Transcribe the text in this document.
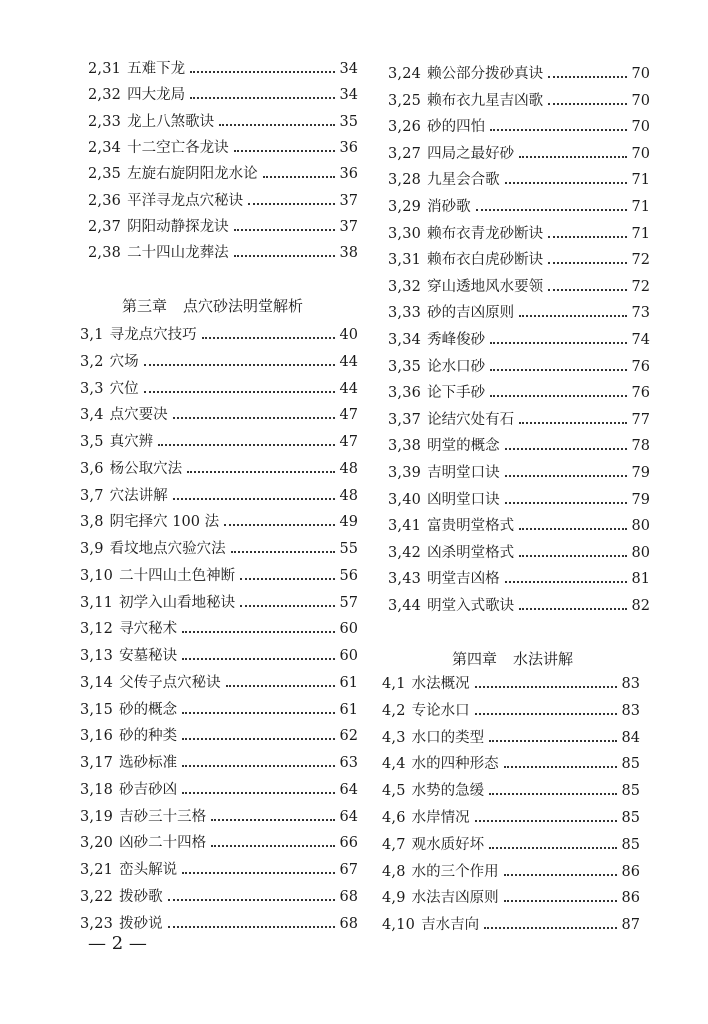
第三章 点穴砂法明堂解析
第四章 水法讲解
— 2 —
2,31 五难下龙	34
2,32 四大龙局	34
2,33 龙上八煞歌诀	35
2,34 十二空亡各龙诀	36
2,35 左旋右旋阴阳龙水论	36
2,36 平洋寻龙点穴秘诀	37
2,37 阴阳动静探龙诀	37
2,38 二十四山龙葬法	38
3,1 寻龙点穴技巧	40
3,2 穴场	44
3,3 穴位	44
3,4 点穴要决	47
3,5 真穴辨	47
3,6 杨公取穴法	48
3,7 穴法讲解	48
3,8 阴宅择穴 100 法	49
3,9 看坟地点穴验穴法	55
3,10 二十四山土色神断	56
3,11 初学入山看地秘诀	57
3,12 寻穴秘术	60
3,13 安墓秘诀	60
3,14 父传子点穴秘诀	61
3,15 砂的概念	61
3,16 砂的种类	62
3,17 选砂标准	63
3,18 砂吉砂凶	64
3,19 吉砂三十三格	64
3,20 凶砂二十四格	66
3,21 峦头解说	67
3,22 拨砂歌	68
3,23 拨砂说	68
3,24 赖公部分拨砂真诀	70
3,25 赖布衣九星吉凶歌	70
3,26 砂的四怕	70
3,27 四局之最好砂	70
3,28 九星会合歌	71
3,29 消砂歌	71
3,30 赖布衣青龙砂断诀	71
3,31 赖布衣白虎砂断诀	72
3,32 穿山透地风水要领	72
3,33 砂的吉凶原则	73
3,34 秀峰俊砂	74
3,35 论水口砂	76
3,36 论下手砂	76
3,37 论结穴处有石	77
3,38 明堂的概念	78
3,39 吉明堂口诀	79
3,40 凶明堂口诀	79
3,41 富贵明堂格式	80
3,42 凶杀明堂格式	80
3,43 明堂吉凶格	81
3,44 明堂入式歌诀	82
4,1 水法概况	83
4,2 专论水口	83
4,3 水口的类型	84
4,4 水的四种形态	85
4,5 水势的急缓	85
4,6 水岸情况	85
4,7 观水质好坏	85
4,8 水的三个作用	86
4,9 水法吉凶原则	86
4,10 吉水吉向	87
